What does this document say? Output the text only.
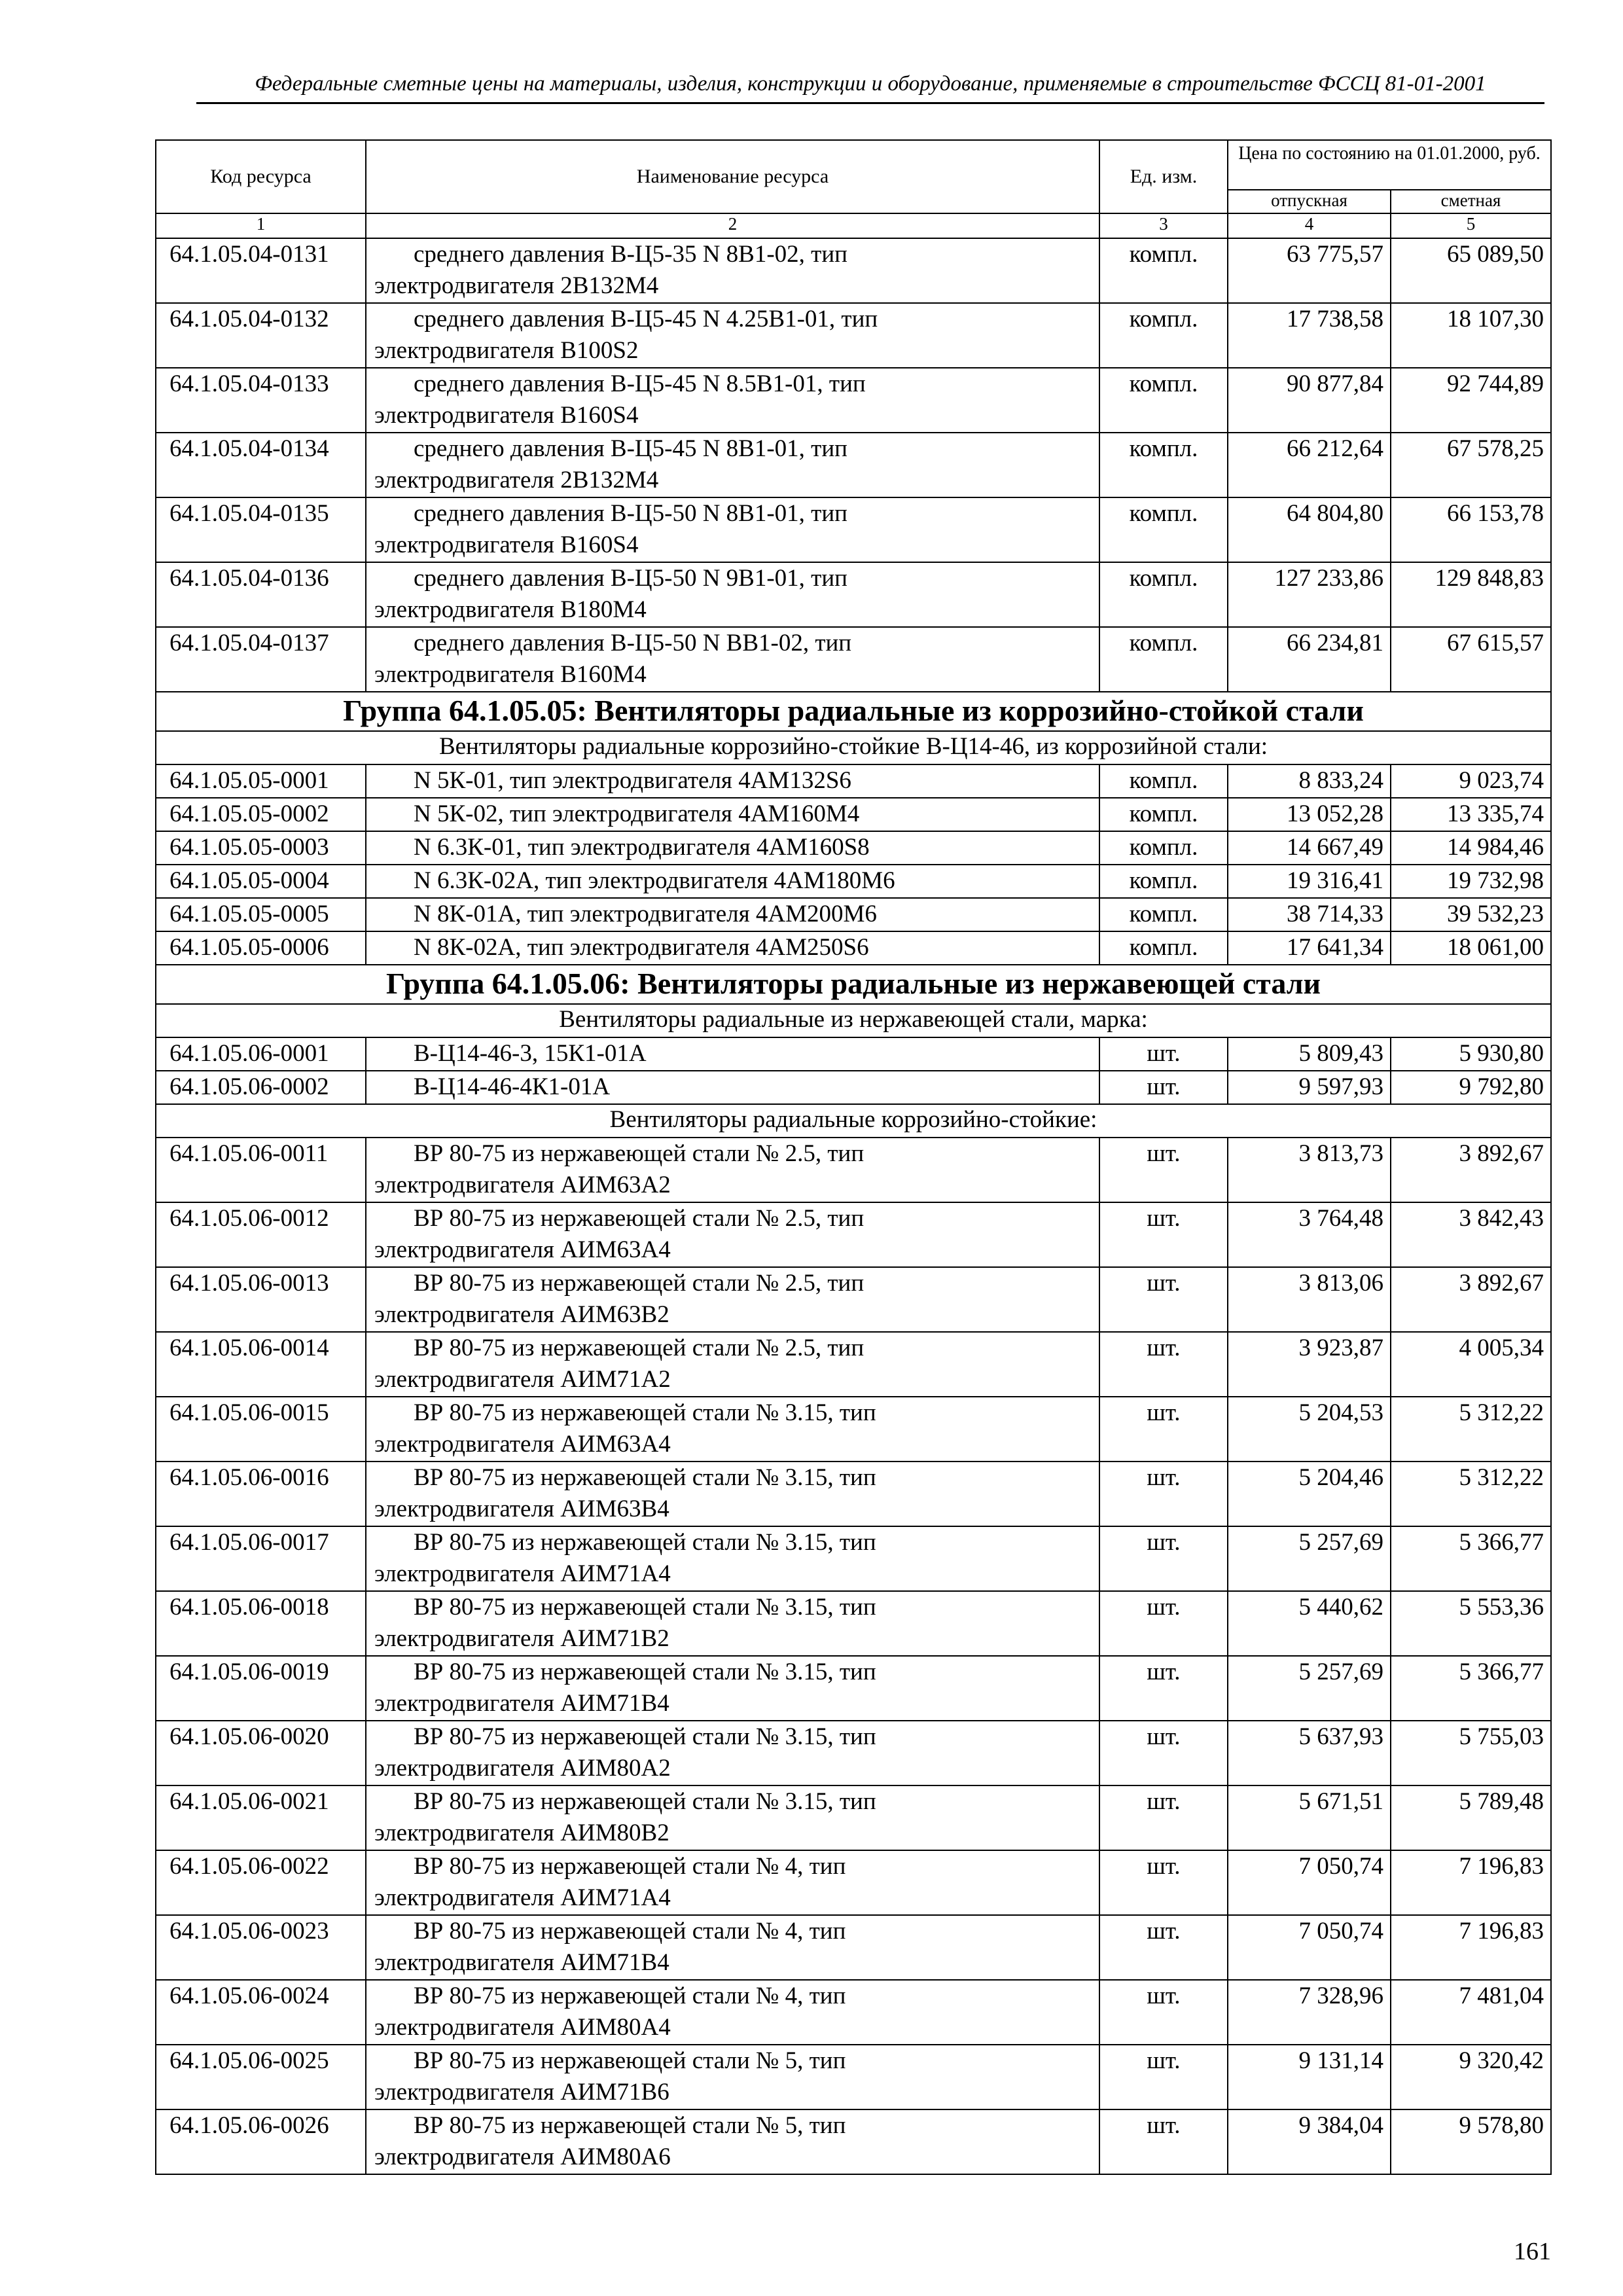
Федеральные сметные цены на материалы, изделия, конструкции и оборудование, применяемые в строительстве ФССЦ 81-01-2001
Код ресурса	Наименование ресурса	Ед. изм.	Цена по состоянию на 01.01.2000, руб.	
			отпускная	сметная
1	2	3	4	5
64.1.05.04-0131	среднего давления В-Ц5-35 N 8В1-02, тип
электродвигателя 2В132М4	компл.	63 775,57	65 089,50
64.1.05.04-0132	среднего давления В-Ц5-45 N 4.25В1-01, тип
электродвигателя В100S2	компл.	17 738,58	18 107,30
64.1.05.04-0133	среднего давления В-Ц5-45 N 8.5В1-01, тип
электродвигателя В160S4	компл.	90 877,84	92 744,89
64.1.05.04-0134	среднего давления В-Ц5-45 N 8В1-01, тип
электродвигателя 2В132М4	компл.	66 212,64	67 578,25
64.1.05.04-0135	среднего давления В-Ц5-50 N 8В1-01, тип
электродвигателя В160S4	компл.	64 804,80	66 153,78
64.1.05.04-0136	среднего давления В-Ц5-50 N 9В1-01, тип
электродвигателя В180М4	компл.	127 233,86	129 848,83
64.1.05.04-0137	среднего давления В-Ц5-50 N ВВ1-02, тип
электродвигателя В160М4	компл.	66 234,81	67 615,57
Группа 64.1.05.05: Вентиляторы радиальные из коррозийно-стойкой стали				
Вентиляторы радиальные коррозийно-стойкие В-Ц14-46, из коррозийной стали:				
64.1.05.05-0001	N 5К-01, тип электродвигателя 4АМ132S6	компл.	8 833,24	9 023,74
64.1.05.05-0002	N 5К-02, тип электродвигателя 4АМ160М4	компл.	13 052,28	13 335,74
64.1.05.05-0003	N 6.3К-01, тип электродвигателя 4АМ160S8	компл.	14 667,49	14 984,46
64.1.05.05-0004	N 6.3К-02А, тип электродвигателя 4АМ180М6	компл.	19 316,41	19 732,98
64.1.05.05-0005	N 8К-01А, тип электродвигателя 4АМ200М6	компл.	38 714,33	39 532,23
64.1.05.05-0006	N 8К-02А, тип электродвигателя 4АМ250S6	компл.	17 641,34	18 061,00
Группа 64.1.05.06: Вентиляторы радиальные из нержавеющей стали				
Вентиляторы радиальные из нержавеющей стали, марка:				
64.1.05.06-0001	В-Ц14-46-3, 15К1-01А	шт.	5 809,43	5 930,80
64.1.05.06-0002	В-Ц14-46-4К1-01А	шт.	9 597,93	9 792,80
Вентиляторы радиальные коррозийно-стойкие:				
64.1.05.06-0011	ВР 80-75 из нержавеющей стали № 2.5, тип
электродвигателя АИМ63А2	шт.	3 813,73	3 892,67
64.1.05.06-0012	ВР 80-75 из нержавеющей стали № 2.5, тип
электродвигателя АИМ63А4	шт.	3 764,48	3 842,43
64.1.05.06-0013	ВР 80-75 из нержавеющей стали № 2.5, тип
электродвигателя АИМ63В2	шт.	3 813,06	3 892,67
64.1.05.06-0014	ВР 80-75 из нержавеющей стали № 2.5, тип
электродвигателя АИМ71А2	шт.	3 923,87	4 005,34
64.1.05.06-0015	ВР 80-75 из нержавеющей стали № 3.15, тип
электродвигателя АИМ63А4	шт.	5 204,53	5 312,22
64.1.05.06-0016	ВР 80-75 из нержавеющей стали № 3.15, тип
электродвигателя АИМ63В4	шт.	5 204,46	5 312,22
64.1.05.06-0017	ВР 80-75 из нержавеющей стали № 3.15, тип
электродвигателя АИМ71А4	шт.	5 257,69	5 366,77
64.1.05.06-0018	ВР 80-75 из нержавеющей стали № 3.15, тип
электродвигателя АИМ71В2	шт.	5 440,62	5 553,36
64.1.05.06-0019	ВР 80-75 из нержавеющей стали № 3.15, тип
электродвигателя АИМ71В4	шт.	5 257,69	5 366,77
64.1.05.06-0020	ВР 80-75 из нержавеющей стали № 3.15, тип
электродвигателя АИМ80А2	шт.	5 637,93	5 755,03
64.1.05.06-0021	ВР 80-75 из нержавеющей стали № 3.15, тип
электродвигателя АИМ80В2	шт.	5 671,51	5 789,48
64.1.05.06-0022	ВР 80-75 из нержавеющей стали № 4, тип
электродвигателя АИМ71А4	шт.	7 050,74	7 196,83
64.1.05.06-0023	ВР 80-75 из нержавеющей стали № 4, тип
электродвигателя АИМ71В4	шт.	7 050,74	7 196,83
64.1.05.06-0024	ВР 80-75 из нержавеющей стали № 4, тип
электродвигателя АИМ80А4	шт.	7 328,96	7 481,04
64.1.05.06-0025	ВР 80-75 из нержавеющей стали № 5, тип
электродвигателя АИМ71В6	шт.	9 131,14	9 320,42
64.1.05.06-0026	ВР 80-75 из нержавеющей стали № 5, тип
электродвигателя АИМ80А6	шт.	9 384,04	9 578,80
161
